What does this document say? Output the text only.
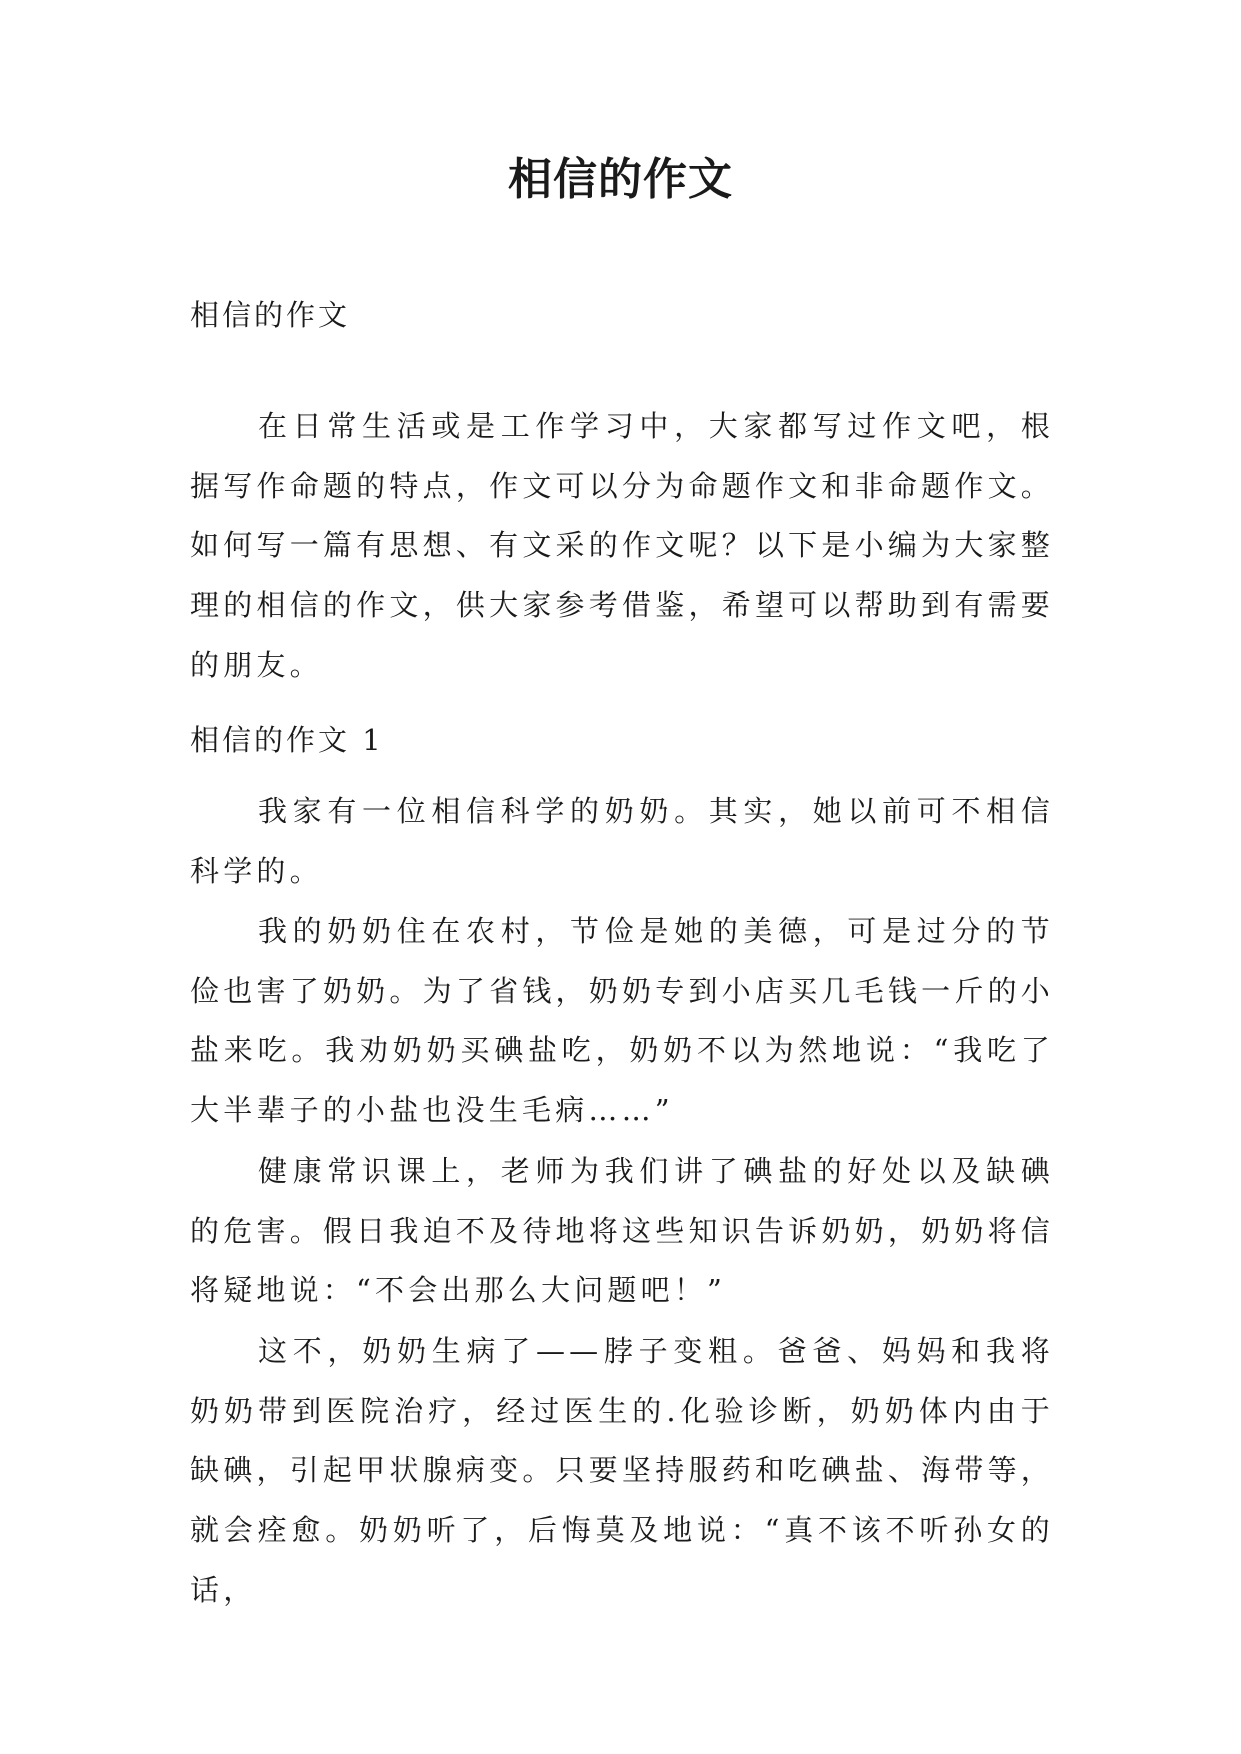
相信的作文

相信的作文

在日常生活或是工作学习中，大家都写过作文吧，根据写作命题的特点，作文可以分为命题作文和非命题作文。如何写一篇有思想、有文采的作文呢？以下是小编为大家整理的相信的作文，供大家参考借鉴，希望可以帮助到有需要的朋友。

相信的作文 1

我家有一位相信科学的奶奶。其实，她以前可不相信科学的。

我的奶奶住在农村，节俭是她的美德，可是过分的节俭也害了奶奶。为了省钱，奶奶专到小店买几毛钱一斤的小盐来吃。我劝奶奶买碘盐吃，奶奶不以为然地说：“我吃了大半辈子的小盐也没生毛病……”

健康常识课上，老师为我们讲了碘盐的好处以及缺碘的危害。假日我迫不及待地将这些知识告诉奶奶，奶奶将信将疑地说：“不会出那么大问题吧！”

这不，奶奶生病了——脖子变粗。爸爸、妈妈和我将奶奶带到医院治疗，经过医生的.化验诊断，奶奶体内由于缺碘，引起甲状腺病变。只要坚持服药和吃碘盐、海带等，就会痊愈。奶奶听了，后悔莫及地说：“真不该不听孙女的话，
